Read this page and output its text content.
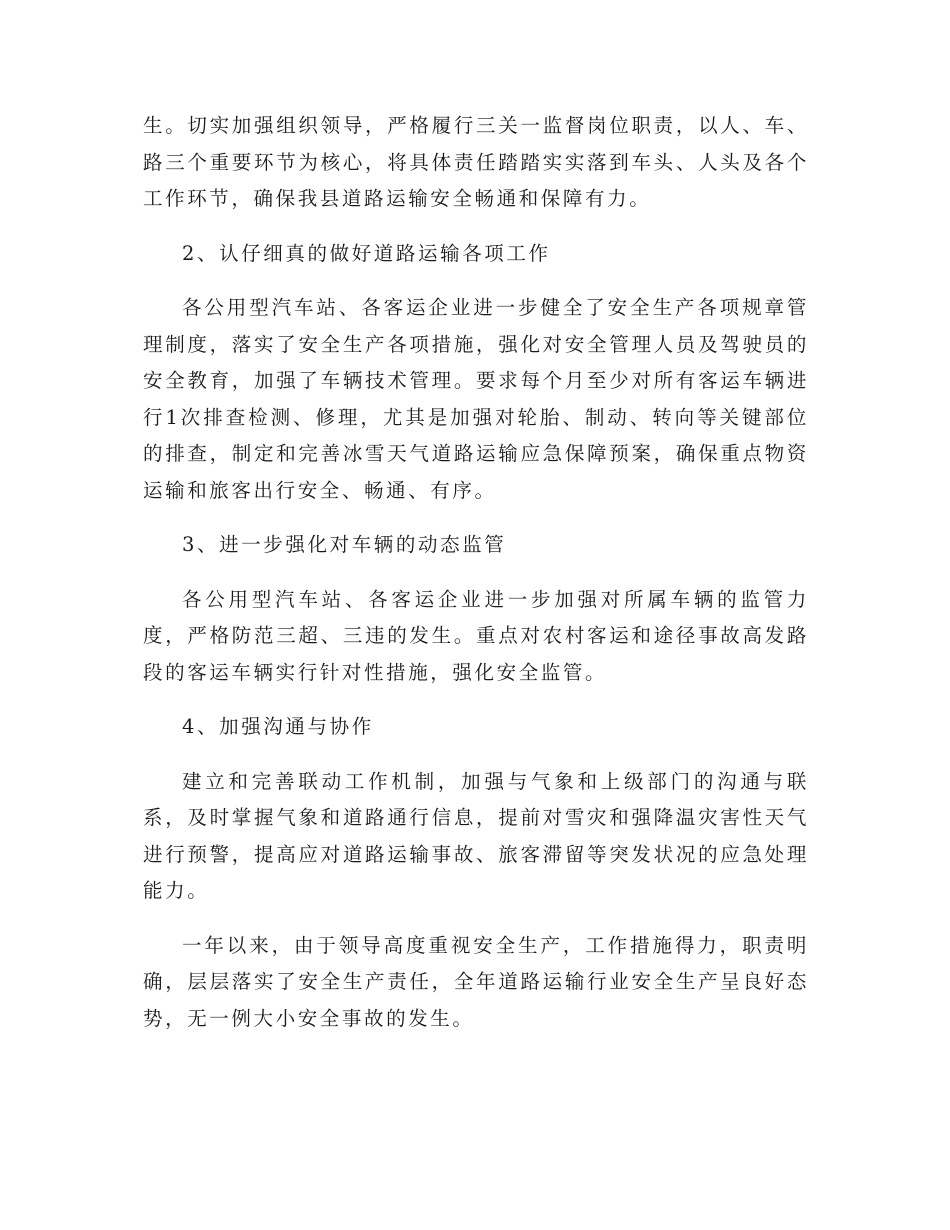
生。切实加强组织领导，严格履行三关一监督岗位职责，以人、车、路三个重要环节为核心，将具体责任踏踏实实落到车头、人头及各个工作环节，确保我县道路运输安全畅通和保障有力。

2、认仔细真的做好道路运输各项工作

各公用型汽车站、各客运企业进一步健全了安全生产各项规章管理制度，落实了安全生产各项措施，强化对安全管理人员及驾驶员的安全教育，加强了车辆技术管理。要求每个月至少对所有客运车辆进行1次排查检测、修理，尤其是加强对轮胎、制动、转向等关键部位的排查，制定和完善冰雪天气道路运输应急保障预案，确保重点物资运输和旅客出行安全、畅通、有序。

3、进一步强化对车辆的动态监管

各公用型汽车站、各客运企业进一步加强对所属车辆的监管力度，严格防范三超、三违的发生。重点对农村客运和途径事故高发路段的客运车辆实行针对性措施，强化安全监管。

4、加强沟通与协作

建立和完善联动工作机制，加强与气象和上级部门的沟通与联系，及时掌握气象和道路通行信息，提前对雪灾和强降温灾害性天气进行预警，提高应对道路运输事故、旅客滞留等突发状况的应急处理能力。

一年以来，由于领导高度重视安全生产，工作措施得力，职责明确，层层落实了安全生产责任，全年道路运输行业安全生产呈良好态势，无一例大小安全事故的发生。
